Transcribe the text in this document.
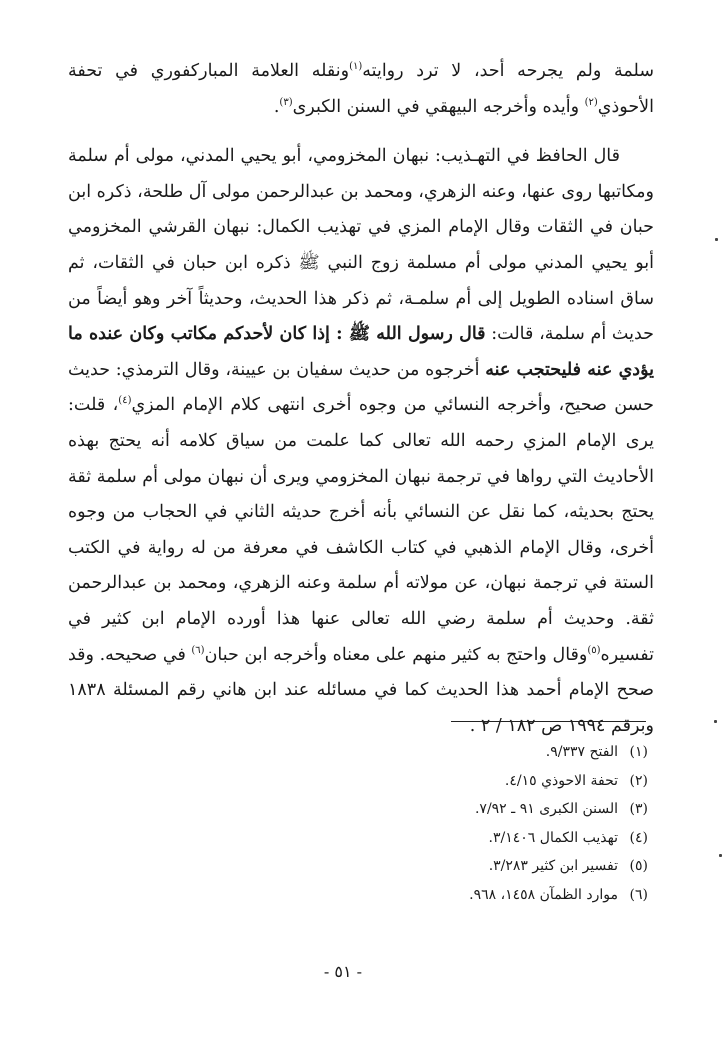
سلمة ولم يجرحه أحد، لا ترد روايته$^{(١)}$ونقله العلامة المباركفوري في تحفة الأحوذي$^{(٢)}$ وأيده وأخرجه البيهقي في السنن الكبرى$^{(٣)}$.

قال الحافظ في التهـذيب: نبهان المخزومي، أبو يحيي المدني، مولى أم سلمة ومكاتبها روى عنها، وعنه الزهري، ومحمد بن عبدالرحمن مولى آل طلحة، ذكره ابن حبان في الثقات وقال الإمام المزي في تهذيب الكمال: نبهان القرشي المخزومي أبو يحيي المدني مولى أم مسلمة زوج النبي ﷺ ذكره ابن حبان في الثقات، ثم ساق اسناده الطويل إلى أم سلمـة، ثم ذكر هذا الحديث، وحديثاً آخر وهو أيضاً من حديث أم سلمة، قالت: قال رسول الله ﷺ : إذا كان لأحدكم مكاتب وكان عنده ما يؤدي عنه فليحتجب عنه أخرجوه من حديث سفيان بن عيينة، وقال الترمذي: حديث حسن صحيح، وأخرجه النسائي من وجوه أخرى انتهى كلام الإمام المزي$^{(٤)}$، قلت: يرى الإمام المزي رحمه الله تعالى كما علمت من سياق كلامه أنه يحتج بهذه الأحاديث التي رواها في ترجمة نبهان المخزومي ويرى أن نبهان مولى أم سلمة ثقة يحتج بحديثه، كما نقل عن النسائي بأنه أخرج حديثه الثاني في الحجاب من وجوه أخرى، وقال الإمام الذهبي في كتاب الكاشف في معرفة من له رواية في الكتب الستة في ترجمة نبهان، عن مولاته أم سلمة وعنه الزهري، ومحمد بن عبدالرحمن ثقة. وحديث أم سلمة رضي الله تعالى عنها هذا أورده الإمام ابن كثير في تفسيره$^{(٥)}$وقال واحتج به كثير منهم على معناه وأخرجه ابن حبان$^{(٦)}$ في صحيحه. وقد صحح الإمام أحمد هذا الحديث كما في مسائله عند ابن هاني رقم المسئلة ١٨٣٨ وبرقم ١٩٩٤ ص ١٨٢ / ٢ .

(١)الفتح ٩/٣٣٧.
(٢)تحفة الاحوذي ٤/١٥.
(٣)السنن الكبرى ٩١ ـ ٧/٩٢.
(٤)تهذيب الكمال ٣/١٤٠٦.
(٥)تفسير ابن كثير ٣/٢٨٣.
(٦)موارد الظمآن ١٤٥٨، ٩٦٨.
- ٥١ -
